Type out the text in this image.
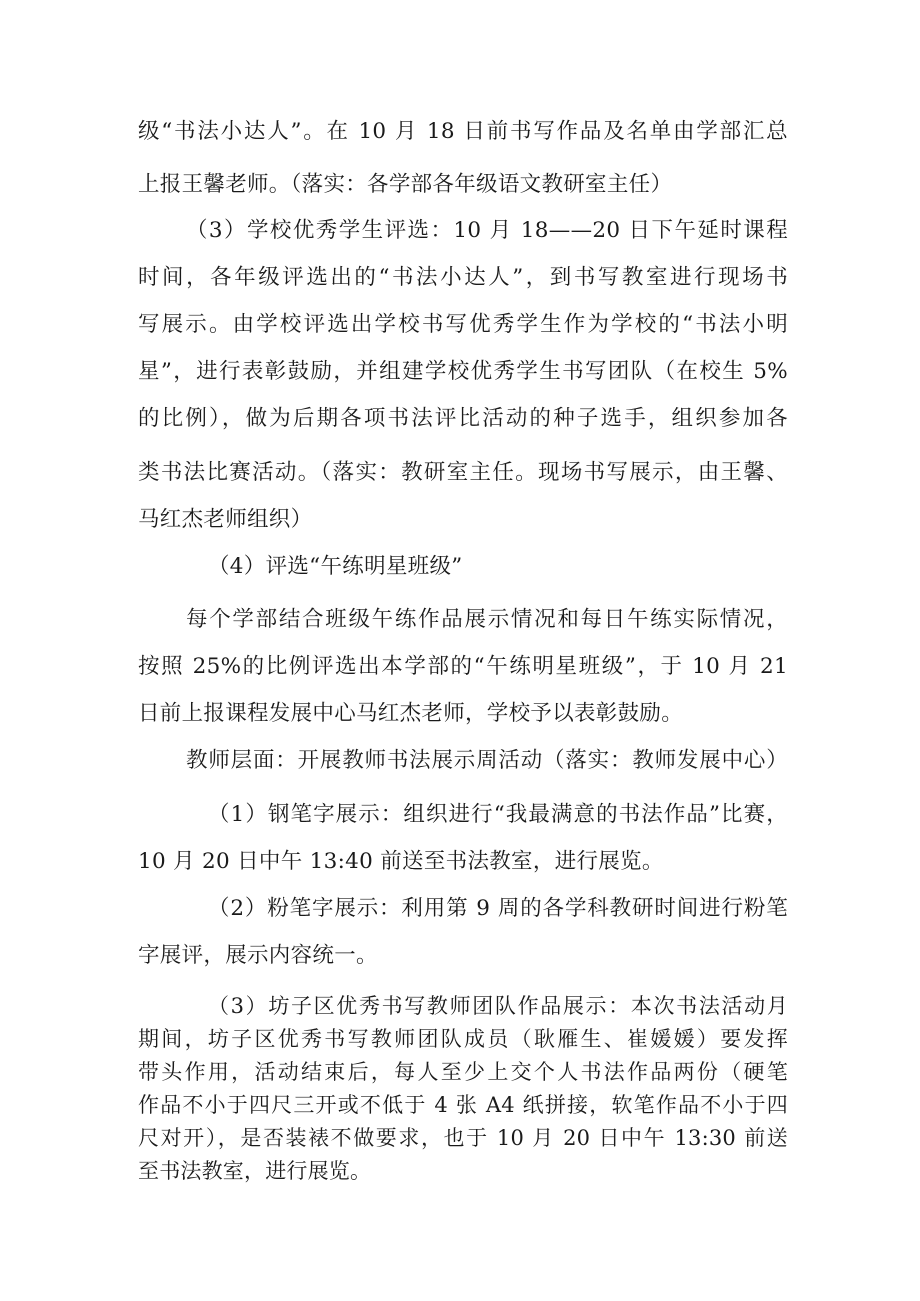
级“书法小达人”。在 10 月 18 日前书写作品及名单由学部汇总
上报王馨老师。（落实：各学部各年级语文教研室主任）
（3）学校优秀学生评选：10 月 18——20 日下午延时课程
时间，各年级评选出的“书法小达人”，到书写教室进行现场书
写展示。由学校评选出学校书写优秀学生作为学校的“书法小明
星”，进行表彰鼓励，并组建学校优秀学生书写团队（在校生 5%
的比例），做为后期各项书法评比活动的种子选手，组织参加各
类书法比赛活动。（落实：教研室主任。现场书写展示，由王馨、
马红杰老师组织）
（4）评选“午练明星班级”
每个学部结合班级午练作品展示情况和每日午练实际情况，
按照 25%的比例评选出本学部的“午练明星班级”，于 10 月 21
日前上报课程发展中心马红杰老师，学校予以表彰鼓励。
教师层面：开展教师书法展示周活动（落实：教师发展中心）
（1）钢笔字展示：组织进行“我最满意的书法作品”比赛，
10 月 20 日中午 13:40 前送至书法教室，进行展览。
（2）粉笔字展示：利用第 9 周的各学科教研时间进行粉笔
字展评，展示内容统一。
（3）坊子区优秀书写教师团队作品展示：本次书法活动月
期间，坊子区优秀书写教师团队成员（耿雁生、崔媛媛）要发挥
带头作用，活动结束后，每人至少上交个人书法作品两份（硬笔
作品不小于四尺三开或不低于 4 张 A4 纸拼接，软笔作品不小于四
尺对开），是否装裱不做要求，也于 10 月 20 日中午 13:30 前送
至书法教室，进行展览。
